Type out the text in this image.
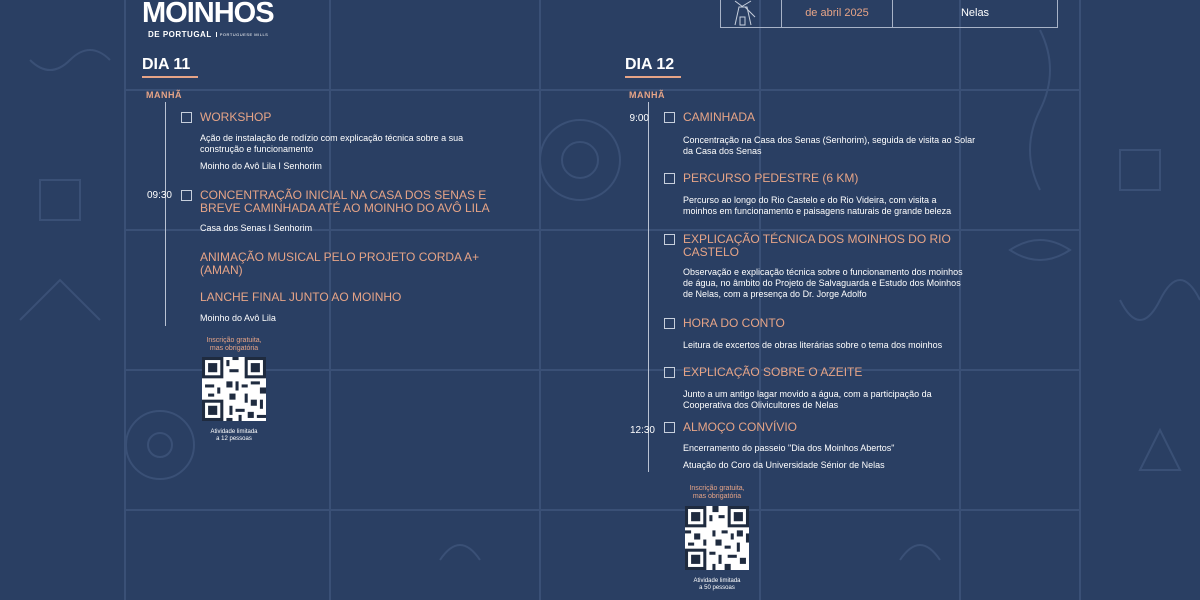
MOINHOS
DE PORTUGAL	PORTUGUESE MILLS
de abril 2025	Nelas
DIA 11
MANHÃ
WORKSHOP
Ação de instalação de rodízio com explicação técnica sobre a sua
construção e funcionamento
Moinho do Avô Lila I Senhorim
09:30 CONCENTRAÇÃO INICIAL NA CASA DOS SENAS E
BREVE CAMINHADA ATÉ AO MOINHO DO AVÔ LILA
Casa dos Senas I Senhorim
ANIMAÇÃO MUSICAL PELO PROJETO CORDA A+
(AMAN)
LANCHE FINAL JUNTO AO MOINHO
Moinho do Avô Lila
Inscrição gratuita,
mas obrigatória
Atividade limitada
a 12 pessoas
DIA 12
MANHÃ
9:00	CAMINHADA
Concentração na Casa dos Senas (Senhorim), seguida de visita ao Solar
da Casa dos Senas
PERCURSO PEDESTRE (6 KM)
Percurso ao longo do Rio Castelo e do Rio Videira, com visita a
moinhos em funcionamento e paisagens naturais de grande beleza
EXPLICAÇÃO TÉCNICA DOS MOINHOS DO RIO
CASTELO
Observação e explicação técnica sobre o funcionamento dos moinhos
de água, no âmbito do Projeto de Salvaguarda e Estudo dos Moinhos
de Nelas, com a presença do Dr. Jorge Adolfo
HORA DO CONTO
Leitura de excertos de obras literárias sobre o tema dos moinhos
EXPLICAÇÃO SOBRE O AZEITE
Junto a um antigo lagar movido a água, com a participação da
Cooperativa dos Olivicultores de Nelas
12:30 ALMOÇO CONVÍVIO
Encerramento do passeio "Dia dos Moinhos Abertos"
Atuação do Coro da Universidade Sénior de Nelas
Inscrição gratuita,
mas obrigatória
Atividade limitada
a 50 pessoas
